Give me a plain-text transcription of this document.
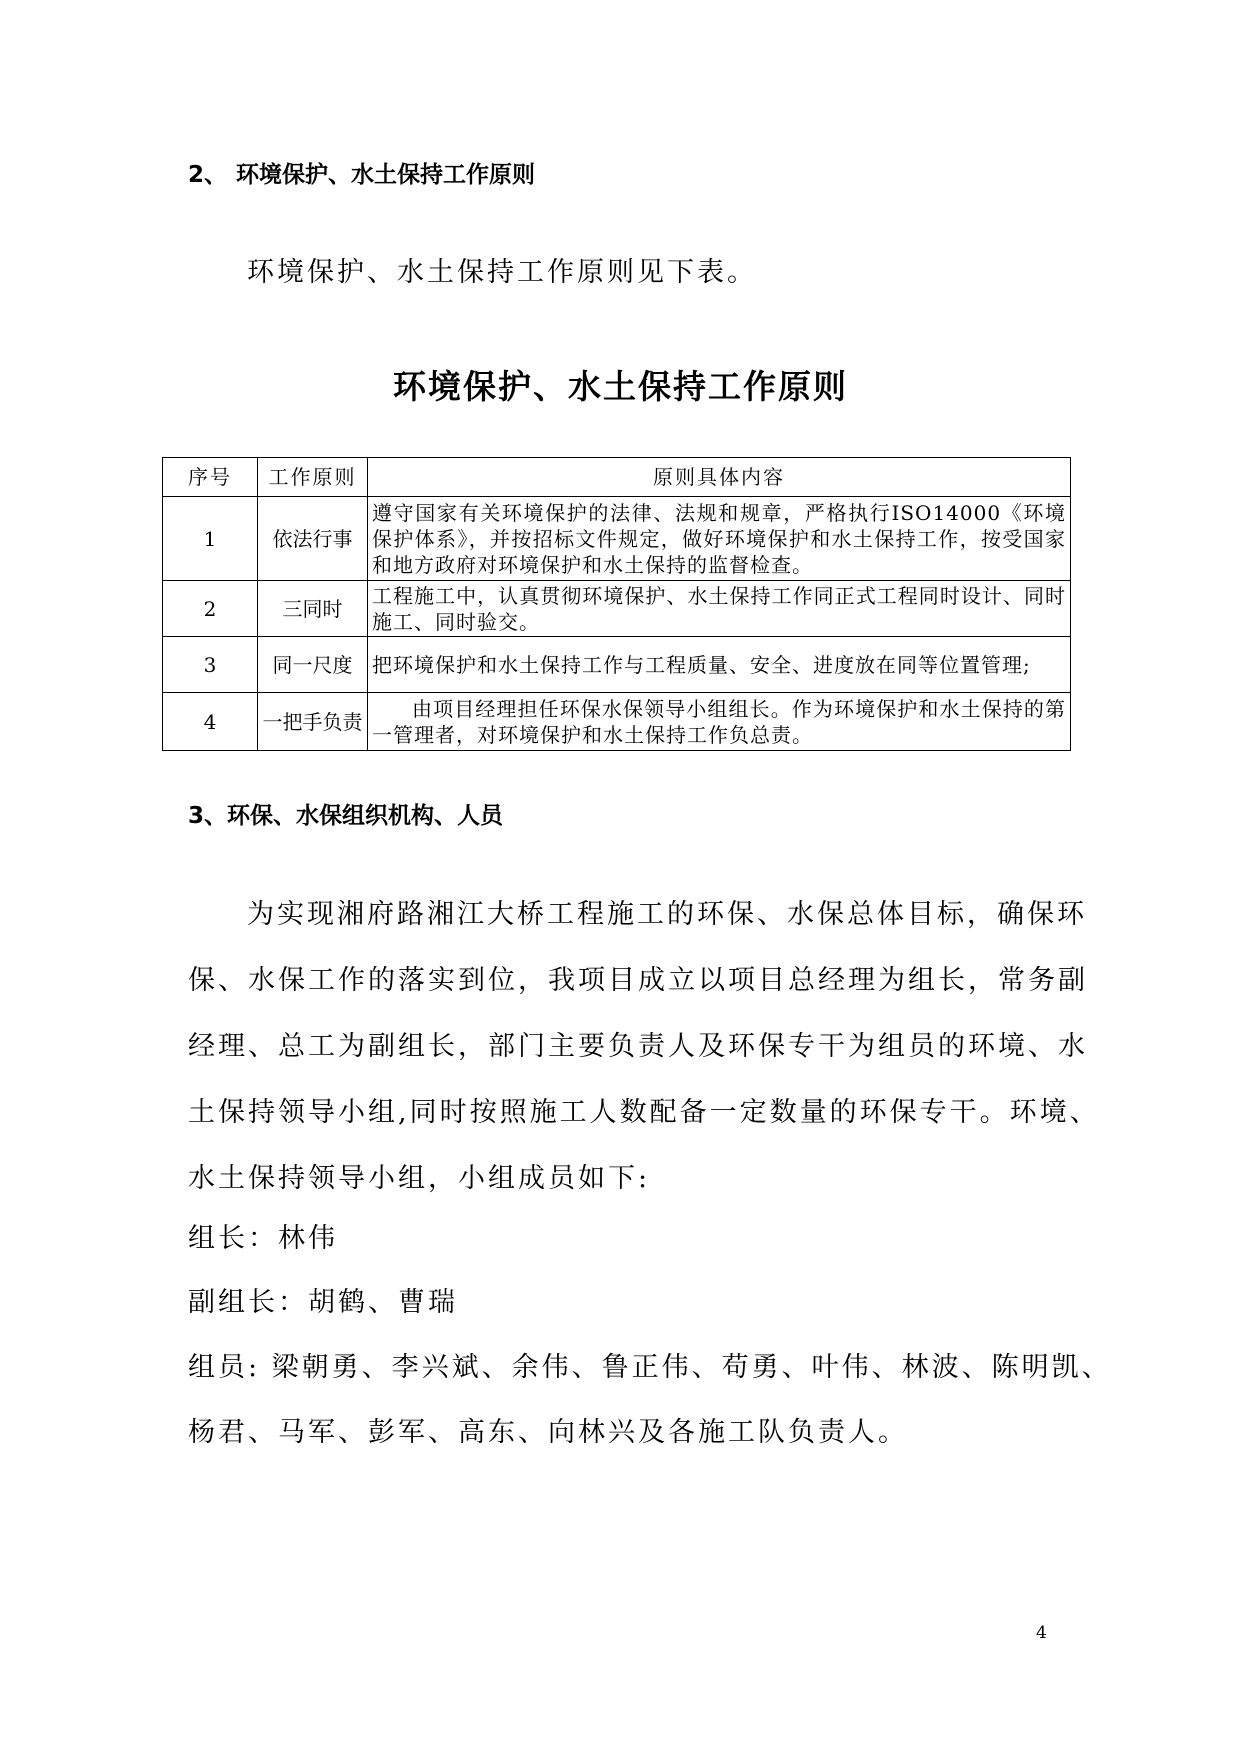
2、 环境保护、水土保持工作原则
环境保护、水土保持工作原则见下表。
环境保护、水土保持工作原则
序号	工作原则	原则具体内容
1	依法行事	遵守国家有关环境保护的法律、法规和规章，严格执行ISO14000《环境保护体系》，并按招标文件规定，做好环境保护和水土保持工作，按受国家和地方政府对环境保护和水土保持的监督检查。
2	三同时	工程施工中，认真贯彻环境保护、水土保持工作同正式工程同时设计、同时施工、同时验交。
3	同一尺度	把环境保护和水土保持工作与工程质量、安全、进度放在同等位置管理;
4	一把手负责	由项目经理担任环保水保领导小组组长。作为环境保护和水土保持的第一管理者，对环境保护和水土保持工作负总责。
3、环保、水保组织机构、人员
为实现湘府路湘江大桥工程施工的环保、水保总体目标，确保环
保、水保工作的落实到位，我项目成立以项目总经理为组长，常务副
经理、总工为副组长，部门主要负责人及环保专干为组员的环境、水
土保持领导小组,同时按照施工人数配备一定数量的环保专干。环境、
水土保持领导小组，小组成员如下:
组长：林伟
副组长：胡鹤、曹瑞
组员: 梁朝勇、李兴斌、余伟、鲁正伟、苟勇、叶伟、林波、陈明凯、
杨君、马军、彭军、高东、向林兴及各施工队负责人。
4
